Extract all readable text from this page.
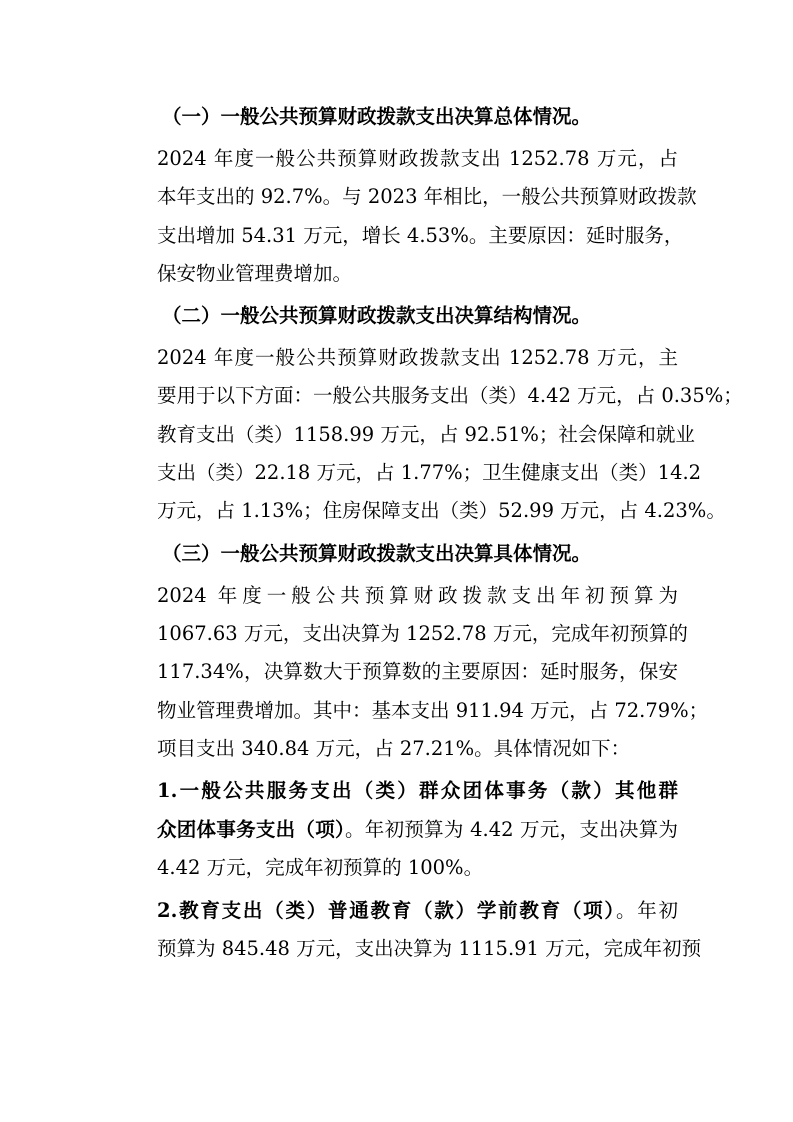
（一）一般公共预算财政拨款支出决算总体情况。

2024 年度一般公共预算财政拨款支出 1252.78 万元，占
本年支出的 92.7%。与 2023 年相比，一般公共预算财政拨款
支出增加 54.31 万元，增长 4.53%。主要原因：延时服务，
保安物业管理费增加。

（二）一般公共预算财政拨款支出决算结构情况。

2024 年度一般公共预算财政拨款支出 1252.78 万元，主
要用于以下方面：一般公共服务支出（类）4.42 万元，占 0.35%；
教育支出（类）1158.99 万元，占 92.51%；社会保障和就业
支出（类）22.18 万元，占 1.77%；卫生健康支出（类）14.2
万元，占 1.13%；住房保障支出（类）52.99 万元，占 4.23%。

（三）一般公共预算财政拨款支出决算具体情况。

2024 年度一般公共预算财政拨款支出年初预算为
1067.63 万元，支出决算为 1252.78 万元，完成年初预算的
117.34%，决算数大于预算数的主要原因：延时服务，保安
物业管理费增加。其中：基本支出 911.94 万元，占 72.79%；
项目支出 340.84 万元，占 27.21%。具体情况如下：

1.一般公共服务支出（类）群众团体事务（款）其他群
众团体事务支出（项）。年初预算为 4.42 万元，支出决算为
4.42 万元，完成年初预算的 100%。

2.教育支出（类）普通教育（款）学前教育（项）。年初
预算为 845.48 万元，支出决算为 1115.91 万元，完成年初预
